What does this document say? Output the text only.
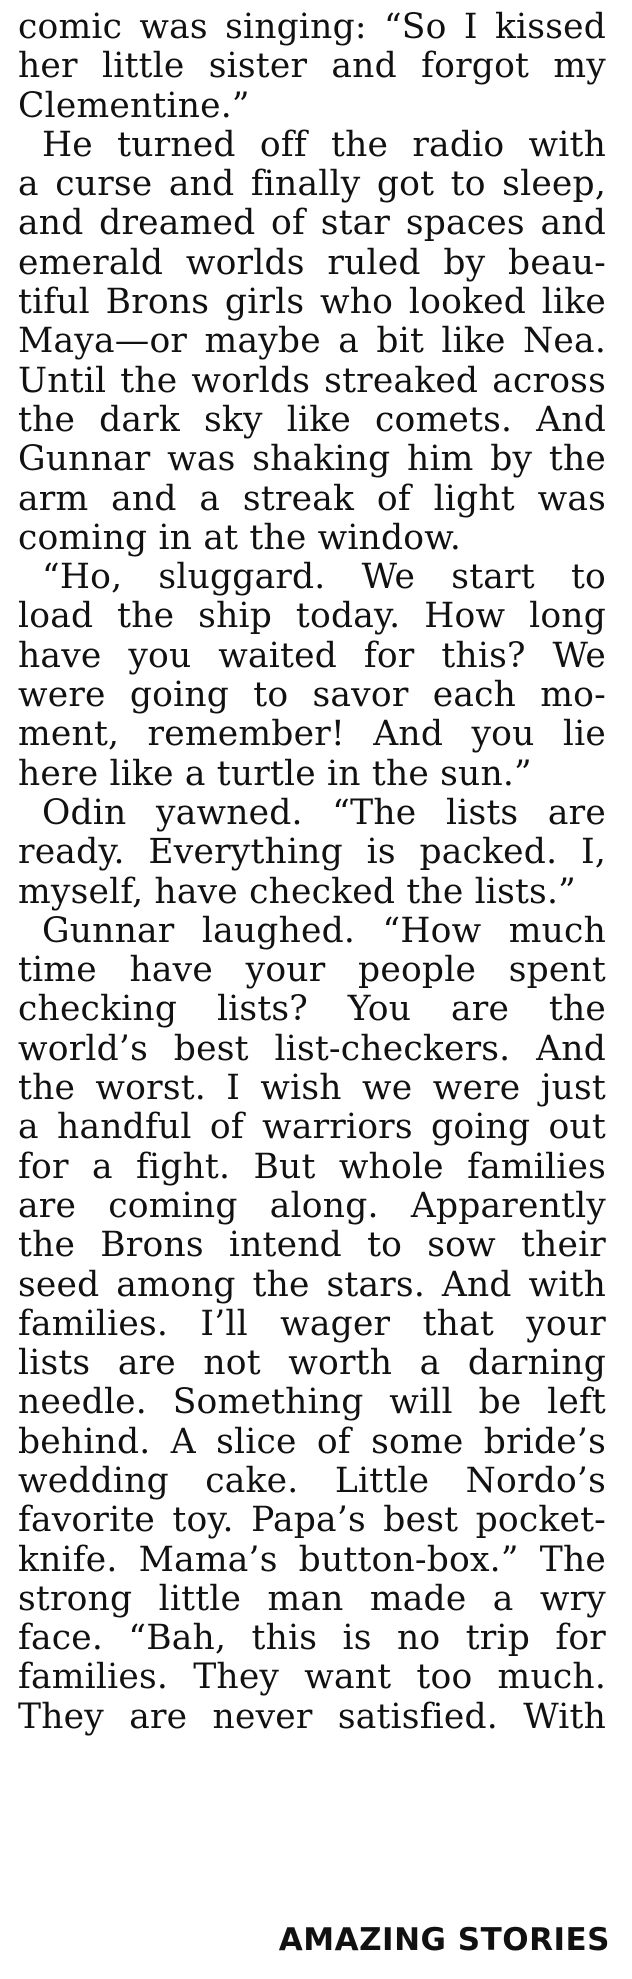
comic was singing: “So I kissed
her little sister and forgot my
Clementine.”
He turned off the radio with
a curse and finally got to sleep,
and dreamed of star spaces and
emerald worlds ruled by beau-
tiful Brons girls who looked like
Maya—or maybe a bit like Nea.
Until the worlds streaked across
the dark sky like comets. And
Gunnar was shaking him by the
arm and a streak of light was
coming in at the window.
“Ho, sluggard. We start to
load the ship today. How long
have you waited for this? We
were going to savor each mo-
ment, remember! And you lie
here like a turtle in the sun.”
Odin yawned. “The lists are
ready. Everything is packed. I,
myself, have checked the lists.”
Gunnar laughed. “How much
time have your people spent
checking lists? You are the
world’s best list-checkers. And
the worst. I wish we were just
a handful of warriors going out
for a fight. But whole families
are coming along. Apparently
the Brons intend to sow their
seed among the stars. And with
families. I’ll wager that your
lists are not worth a darning
needle. Something will be left
behind. A slice of some bride’s
wedding cake. Little Nordo’s
favorite toy. Papa’s best pocket-
knife. Mama’s button-box.” The
strong little man made a wry
face. “Bah, this is no trip for
families. They want too much.
They are never satisfied. With
AMAZING STORIES
